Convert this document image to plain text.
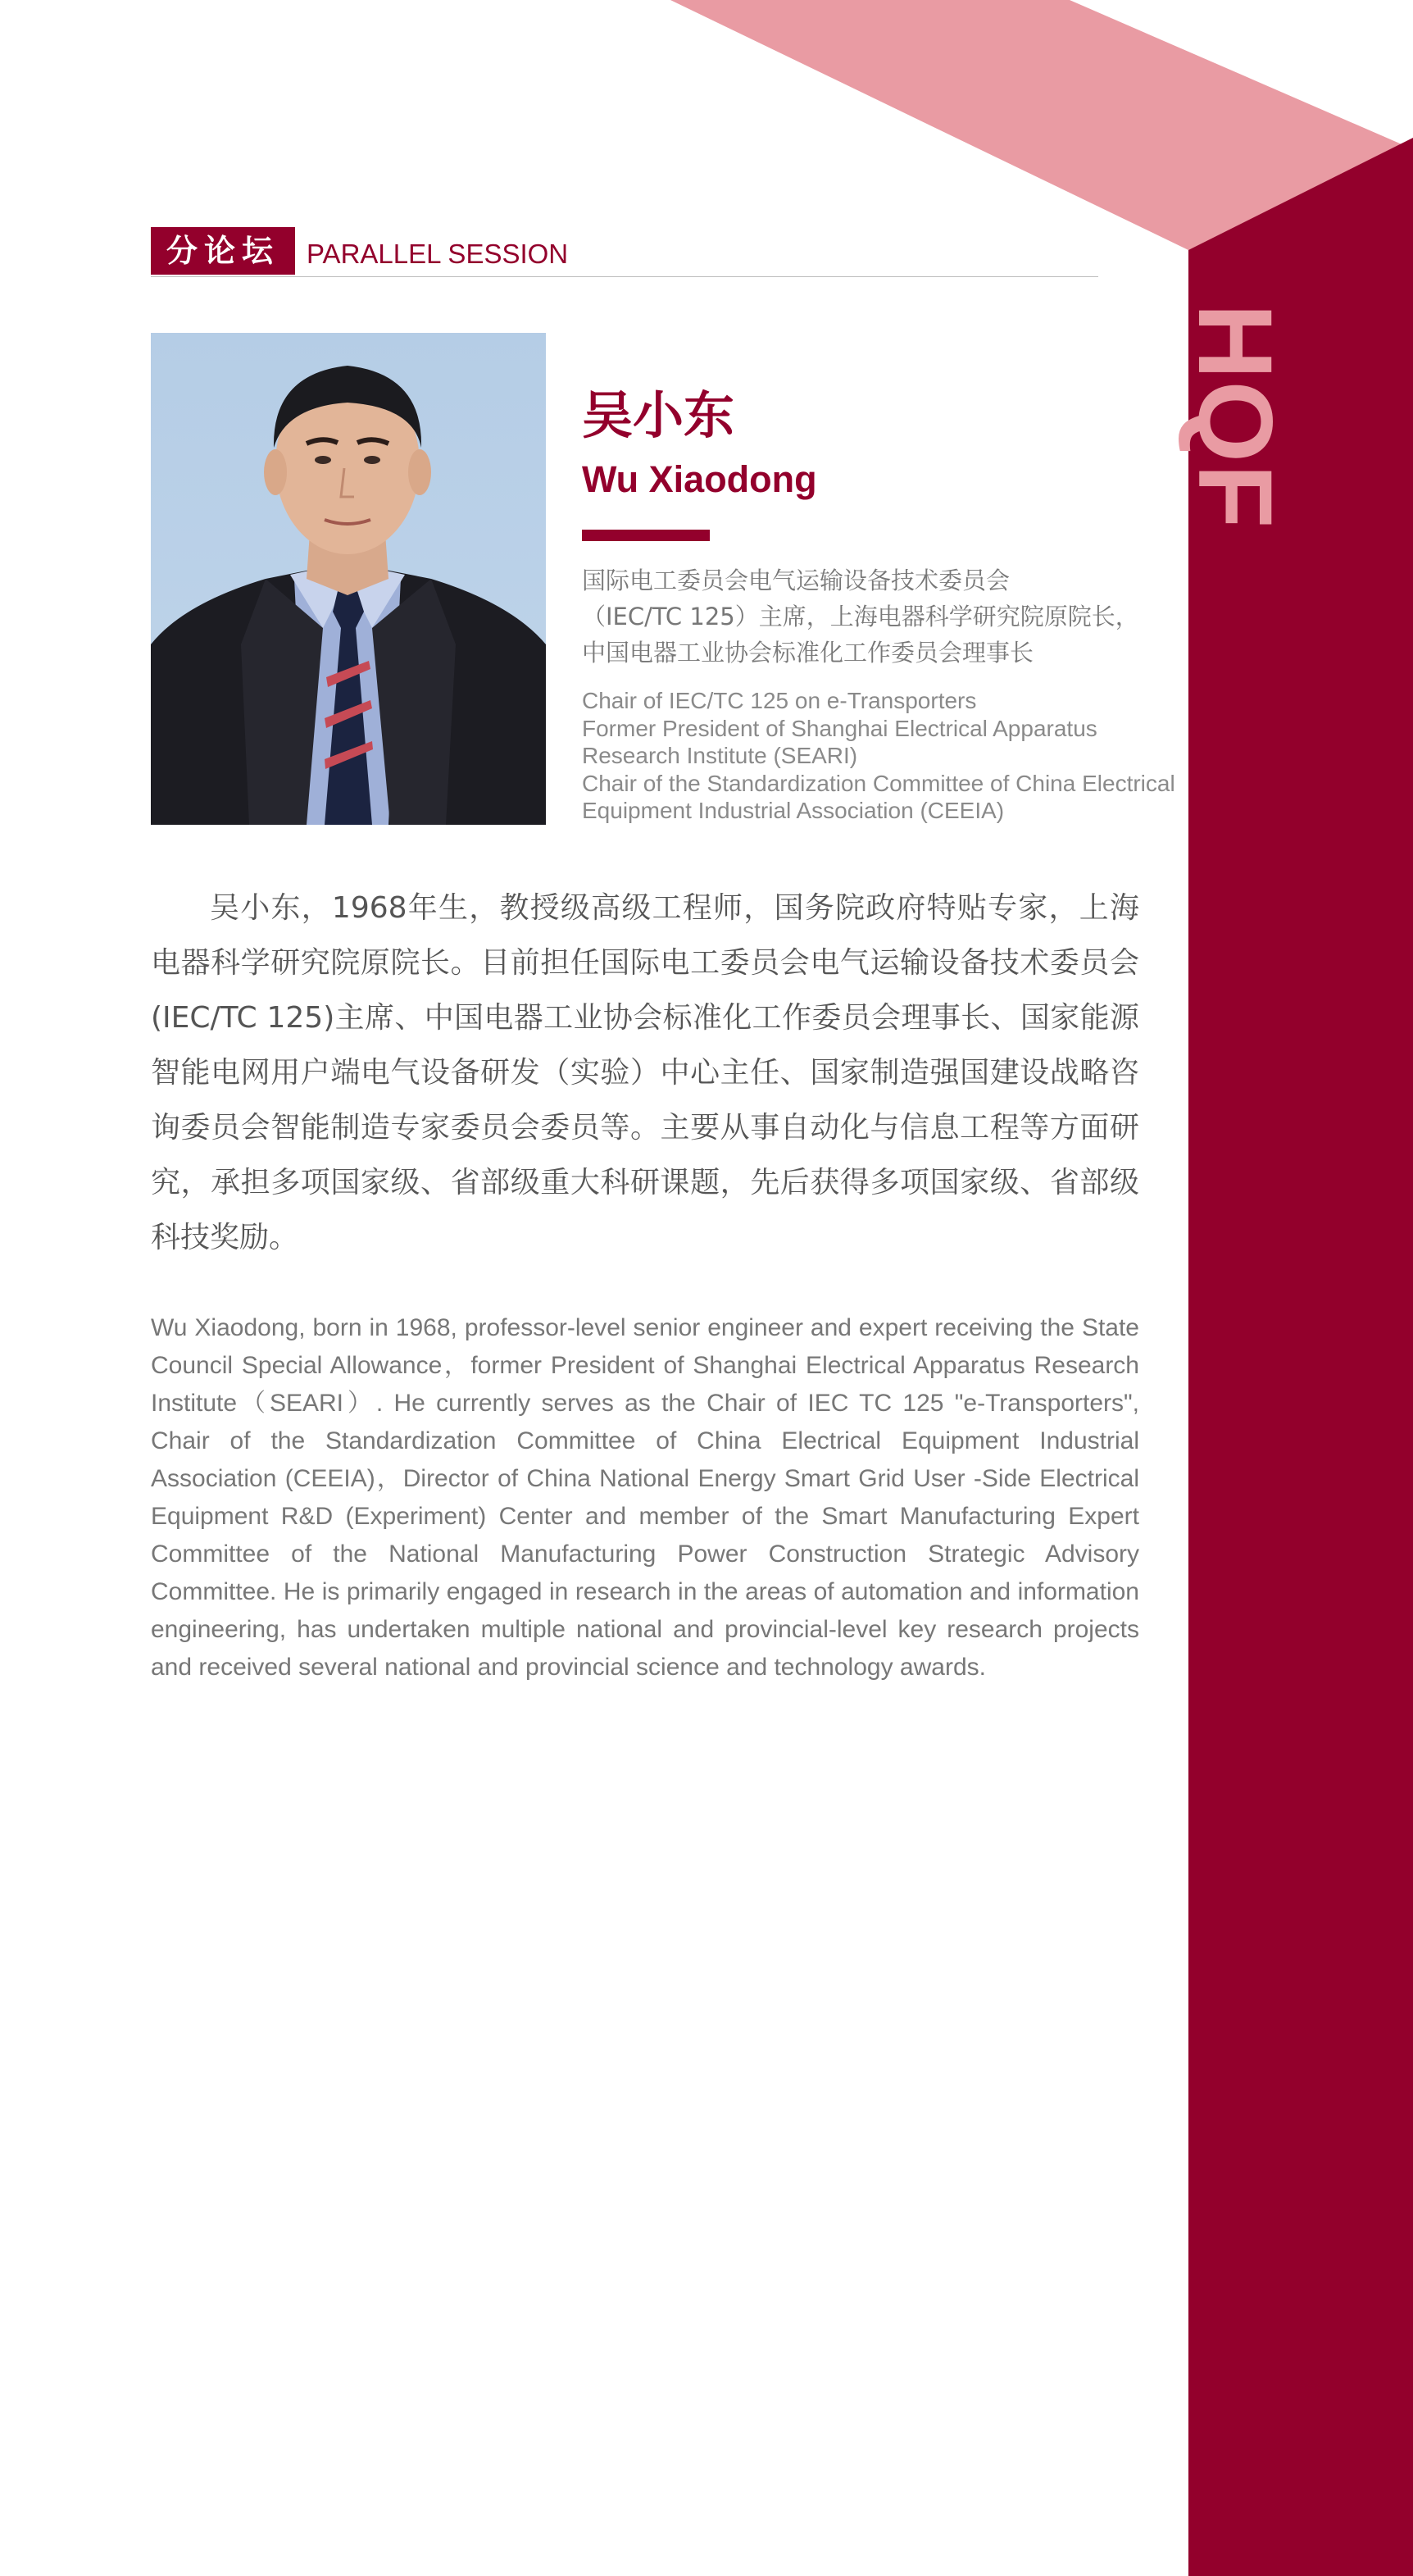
HQF
分论坛	PARALLEL SESSION
吴小东
Wu Xiaodong
国际电工委员会电气运输设备技术委员会
（IEC/TC 125）主席，上海电器科学研究院原院长，
中国电器工业协会标准化工作委员会理事长
Chair of IEC/TC 125 on e-Transporters
Former President of Shanghai Electrical Apparatus
Research Institute (SEARI)
Chair of the Standardization Committee of China Electrical
Equipment Industrial Association (CEEIA)
吴小东，1968年生，教授级高级工程师，国务院政府特贴专家，上海电器科学研究院原院长。目前担任国际电工委员会电气运输设备技术委员会(IEC/TC 125)主席、中国电器工业协会标准化工作委员会理事长、国家能源智能电网用户端电气设备研发（实验）中心主任、国家制造强国建设战略咨询委员会智能制造专家委员会委员等。主要从事自动化与信息工程等方面研究，承担多项国家级、省部级重大科研课题，先后获得多项国家级、省部级科技奖励。
Wu Xiaodong, born in 1968, professor-level senior engineer and expert receiving the State Council Special Allowance，former President of Shanghai Electrical Apparatus Research Institute（SEARI）. He currently serves as the Chair of IEC TC 125 "e-Transporters", Chair of the Standardization Committee of China Electrical Equipment Industrial Association (CEEIA)，Director of China National Energy Smart Grid User -Side Electrical Equipment R&D (Experiment) Center and member of the Smart Manufacturing Expert Committee of the National Manufacturing Power Construction Strategic Advisory Committee. He is primarily engaged in research in the areas of automation and information engineering, has undertaken multiple national and provincial-level key research projects and received several national and provincial science and technology awards.
